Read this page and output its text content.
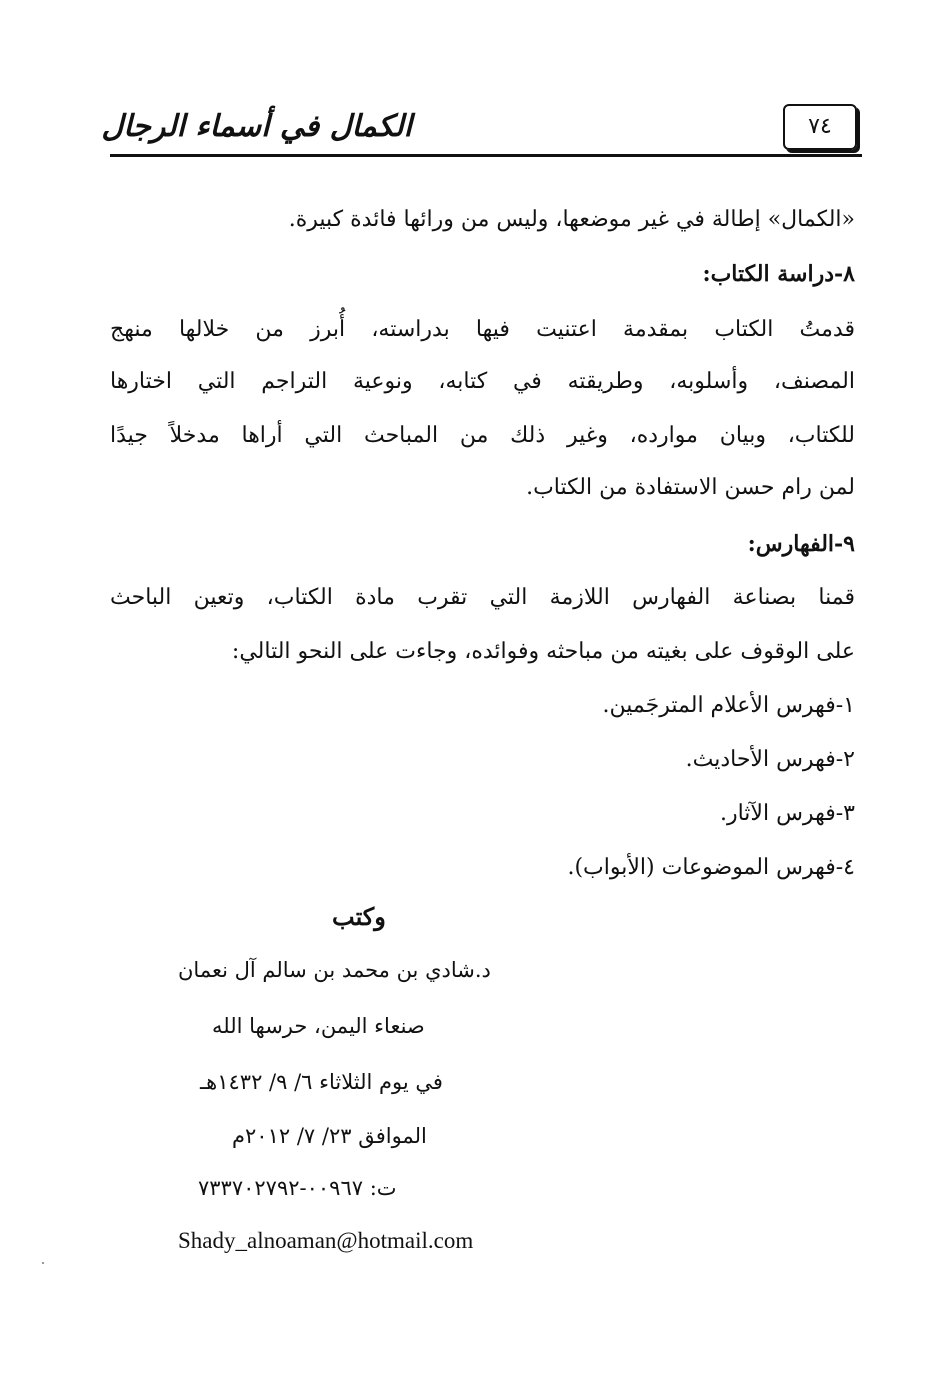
الكمال في أسماء الرجال	٧٤
«الكمال» إطالة في غير موضعها، وليس من ورائها فائدة كبيرة.
٨-دراسة الكتاب:
قدمتُ الكتاب بمقدمة اعتنيت فيها بدراسته، أُبرز من خلالها منهج
المصنف، وأسلوبه، وطريقته في كتابه، ونوعية التراجم التي اختارها
للكتاب، وبيان موارده، وغير ذلك من المباحث التي أراها مدخلاً جيدًا
لمن رام حسن الاستفادة من الكتاب.
٩-الفهارس:
قمنا بصناعة الفهارس اللازمة التي تقرب مادة الكتاب، وتعين الباحث
على الوقوف على بغيته من مباحثه وفوائده، وجاءت على النحو التالي:
١-فهرس الأعلام المترجَمين.
٢-فهرس الأحاديث.
٣-فهرس الآثار.
٤-فهرس الموضوعات (الأبواب).
وكتب
د.شادي بن محمد بن سالم آل نعمان
صنعاء اليمن، حرسها الله
في يوم الثلاثاء ٦/ ٩/ ١٤٣٢هـ
الموافق ٢٣/ ٧/ ٢٠١٢م
ت: ٠٠٩٦٧-٧٣٣٧٠٢٧٩٢
Shady_alnoaman@hotmail.com
